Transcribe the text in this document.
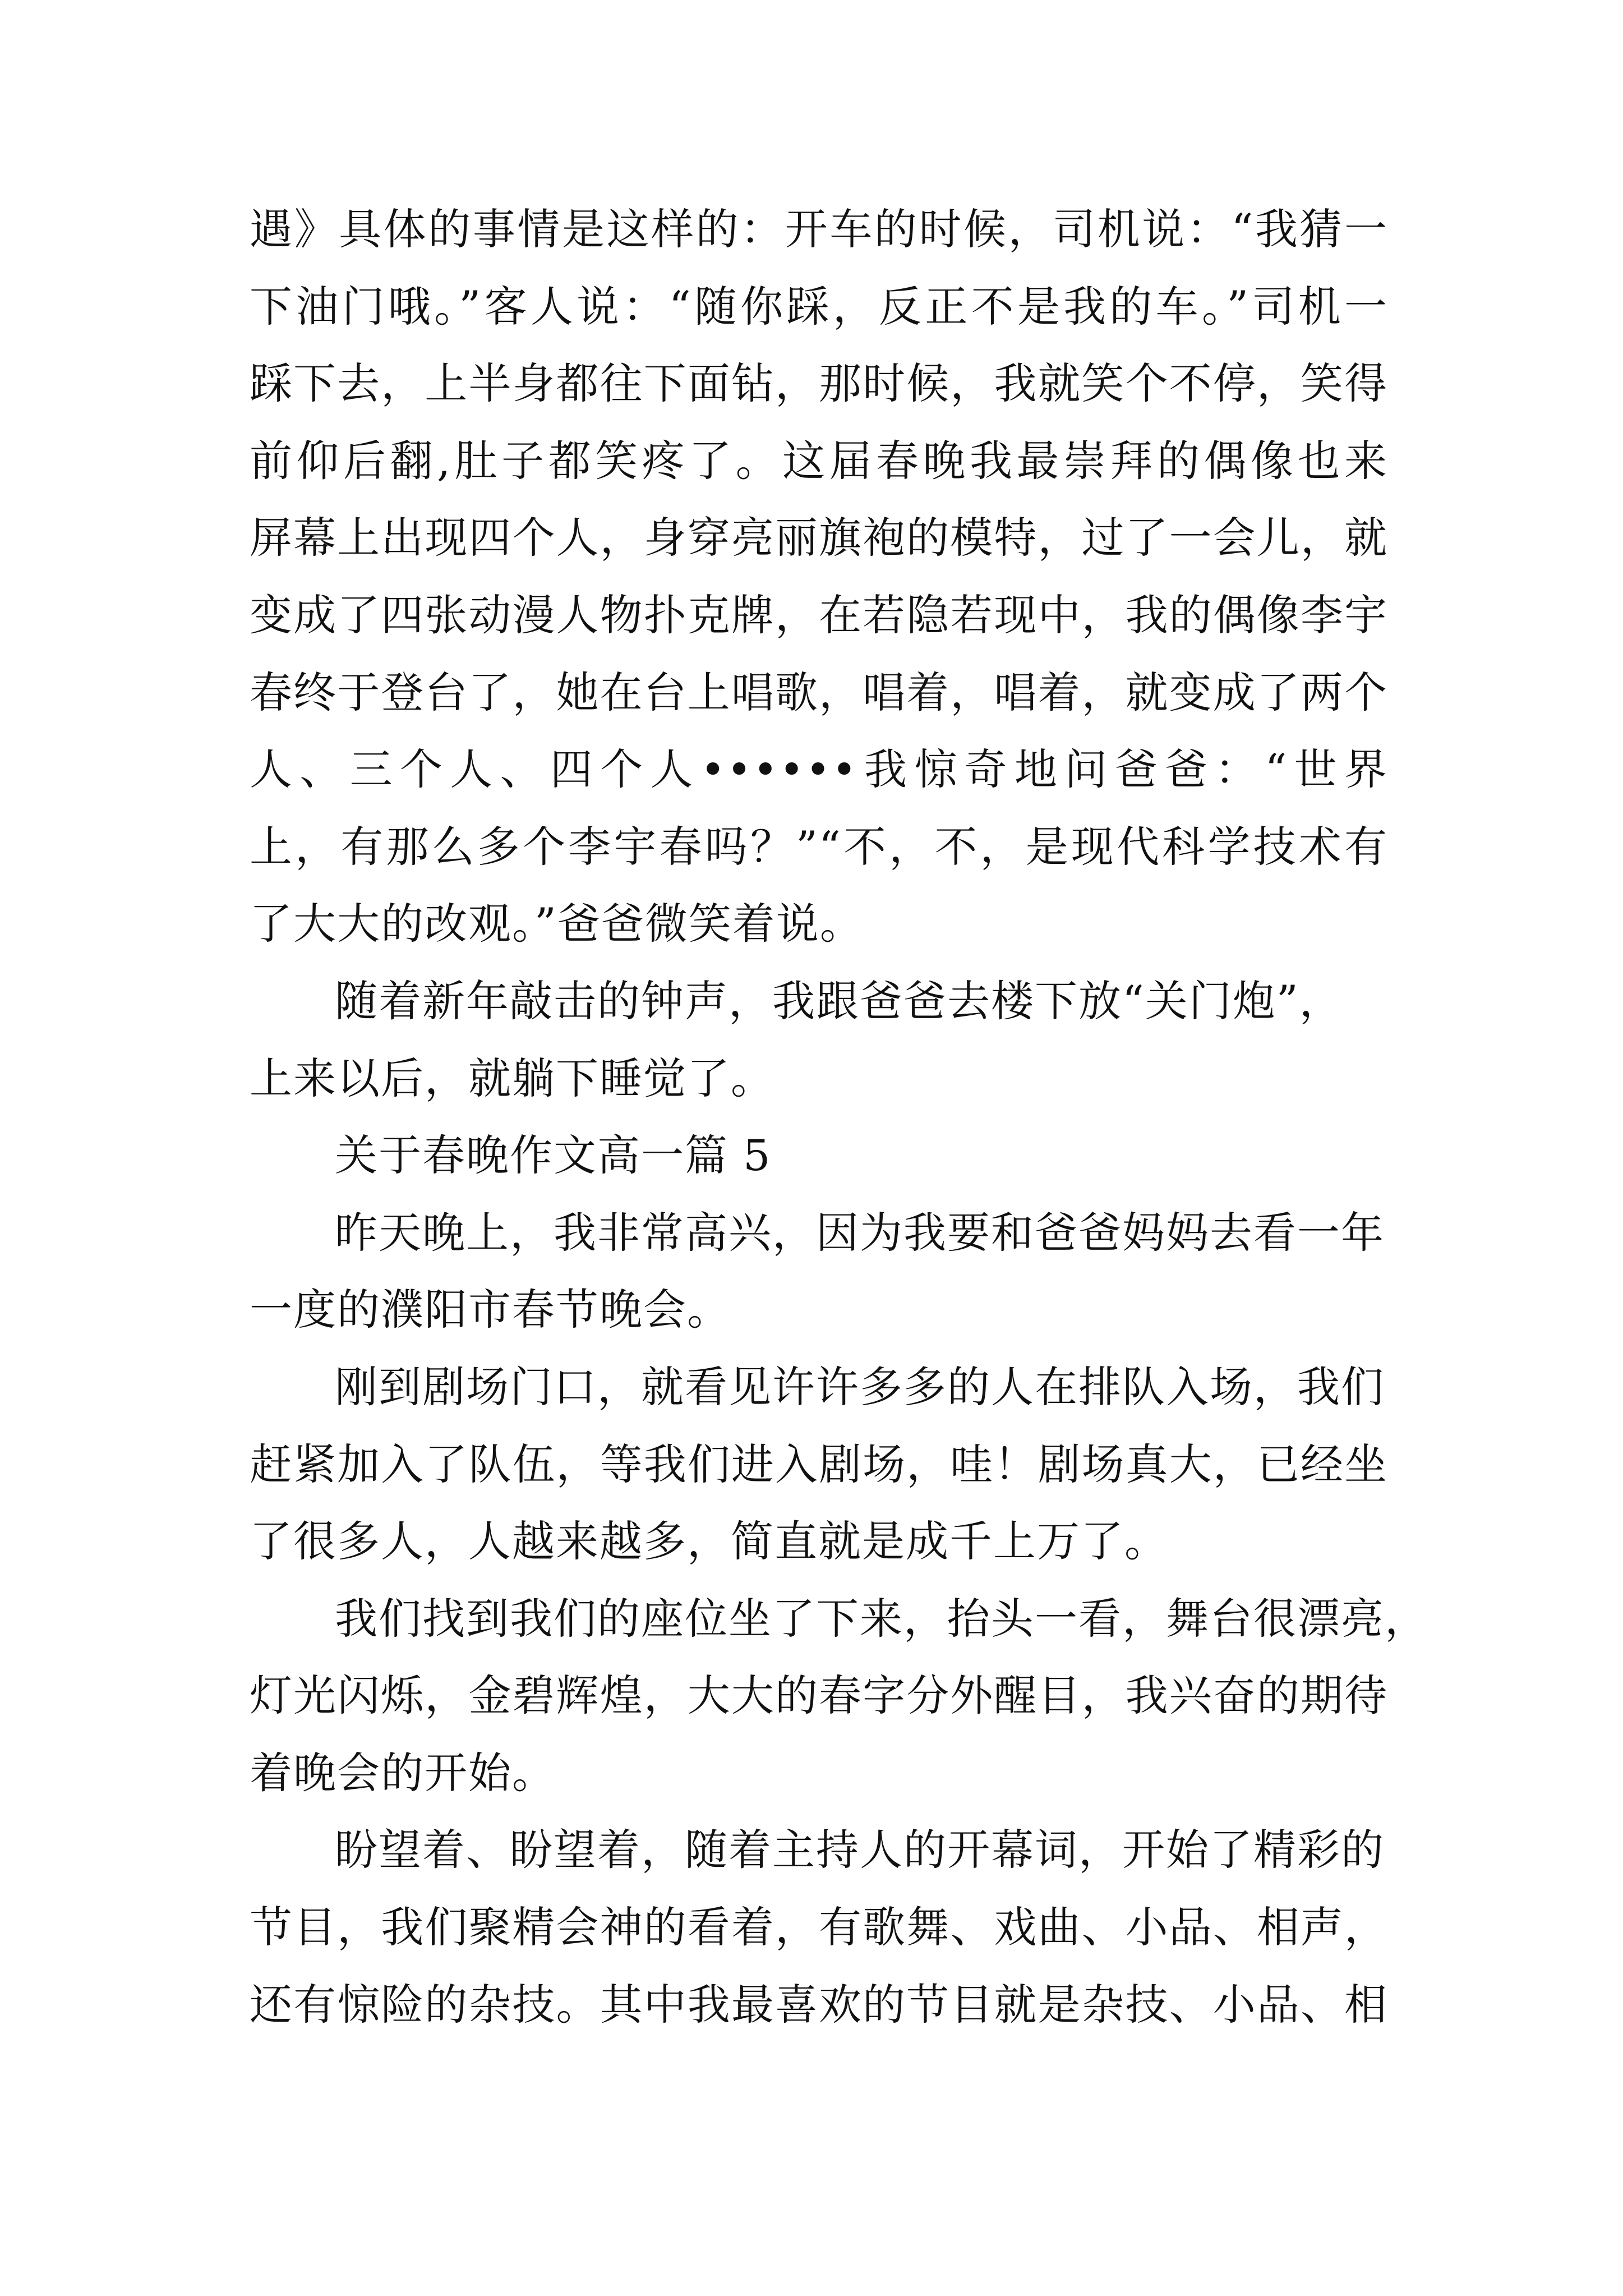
遇》具体的事情是这样的：开车的时候，司机说：“我猜一
下油门哦。”客人说：“随你踩，反正不是我的车。”司机一
踩下去，上半身都往下面钻，那时候，我就笑个不停，笑得
前仰后翻,肚子都笑疼了。这届春晚我最崇拜的偶像也来
屏幕上出现四个人，身穿亮丽旗袍的模特，过了一会儿，就
变成了四张动漫人物扑克牌，在若隐若现中，我的偶像李宇
春终于登台了，她在台上唱歌，唱着，唱着，就变成了两个
人、三个人、四个人••••••我惊奇地问爸爸：“世界
上，有那么多个李宇春吗？”“不，不，是现代科学技术有
了大大的改观。”爸爸微笑着说。
随着新年敲击的钟声，我跟爸爸去楼下放“关门炮”，
上来以后，就躺下睡觉了。
关于春晚作文高一篇 5
昨天晚上，我非常高兴，因为我要和爸爸妈妈去看一年
一度的濮阳市春节晚会。
刚到剧场门口，就看见许许多多的人在排队入场，我们
赶紧加入了队伍，等我们进入剧场，哇！剧场真大，已经坐
了很多人，人越来越多，简直就是成千上万了。
我们找到我们的座位坐了下来，抬头一看，舞台很漂亮，
灯光闪烁，金碧辉煌，大大的春字分外醒目，我兴奋的期待
着晚会的开始。
盼望着、盼望着，随着主持人的开幕词，开始了精彩的
节目，我们聚精会神的看着，有歌舞、戏曲、小品、相声，
还有惊险的杂技。其中我最喜欢的节目就是杂技、小品、相
